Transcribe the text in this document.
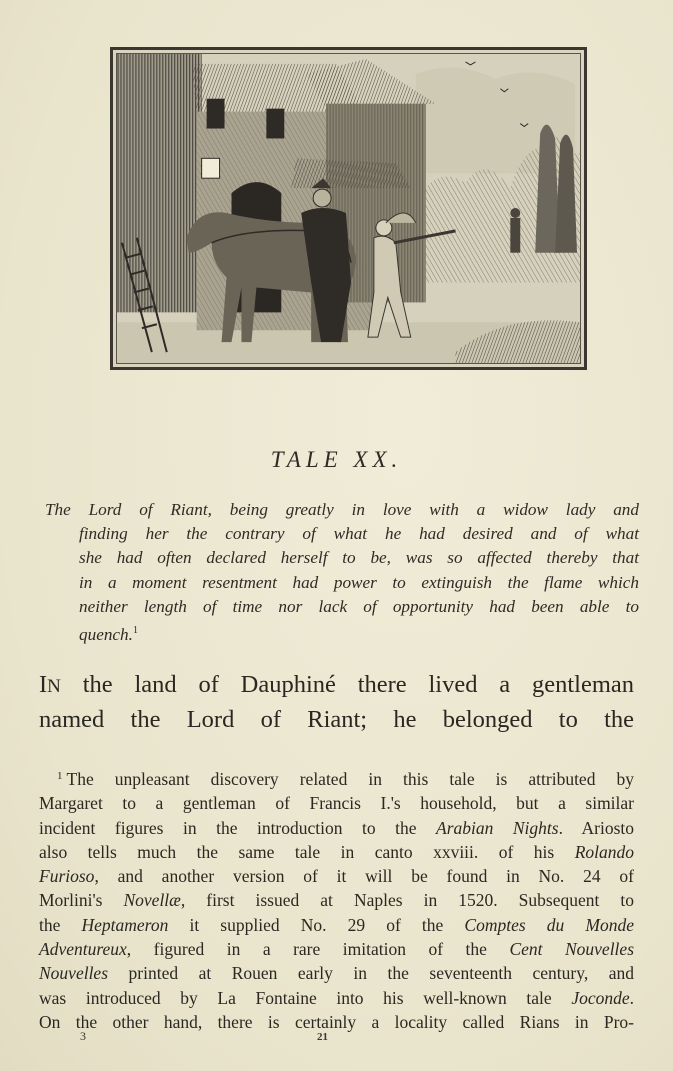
TALE XX.
The Lord of Riant, being greatly in love with a widow lady and
finding her the contrary of what he had desired and of what
she had often declared herself to be, was so affected thereby that
in a moment resentment had power to extinguish the flame which
neither length of time nor lack of opportunity had been able to
quench.$^1$
IN the land of Dauphiné there lived a gentleman
named the Lord of Riant; he belonged to the
$^1$ The unpleasant discovery related in this tale is attributed by
Margaret to a gentleman of Francis I.'s household, but a similar
incident figures in the introduction to the Arabian Nights. Ariosto
also tells much the same tale in canto xxviii. of his Rolando
Furioso, and another version of it will be found in No. 24 of
Morlini's Novellæ, first issued at Naples in 1520. Subsequent to
the Heptameron it supplied No. 29 of the Comptes du Monde
Adventureux, figured in a rare imitation of the Cent Nouvelles
Nouvelles printed at Rouen early in the seventeenth century, and
was introduced by La Fontaine into his well-known tale Joconde.
On the other hand, there is certainly a locality called Rians in Pro-
3	21
